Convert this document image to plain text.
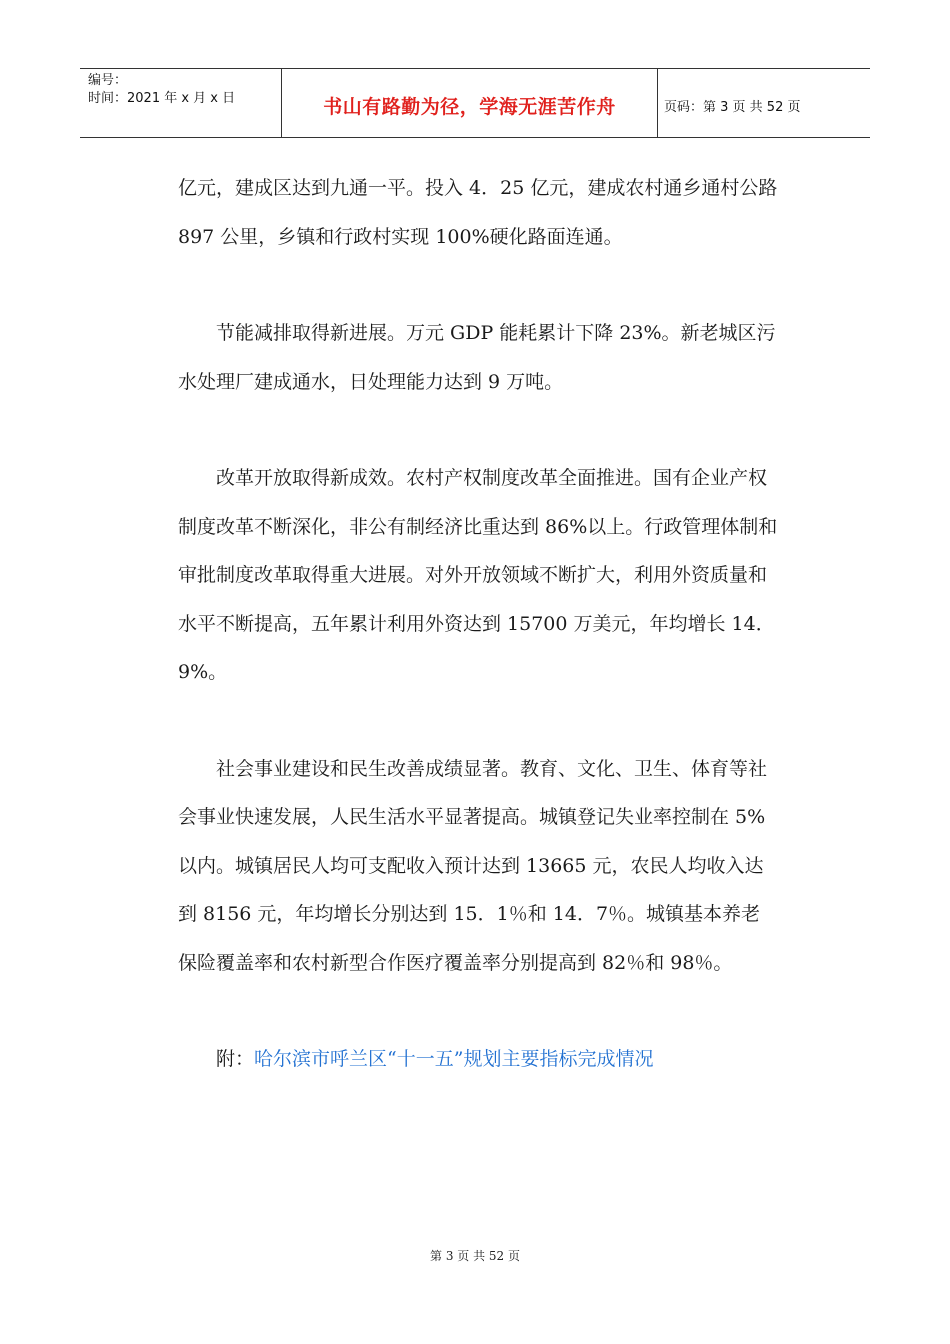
编号：
时间：2021 年 x 月 x 日	书山有路勤为径，学海无涯苦作舟	页码：第 3 页 共 52 页

亿元，建成区达到九通一平。投入 4．25 亿元，建成农村通乡通村公路 897 公里，乡镇和行政村实现 100%硬化路面连通。

节能减排取得新进展。万元 GDP 能耗累计下降 23%。新老城区污水处理厂建成通水，日处理能力达到 9 万吨。

改革开放取得新成效。农村产权制度改革全面推进。国有企业产权制度改革不断深化，非公有制经济比重达到 86%以上。行政管理体制和审批制度改革取得重大进展。对外开放领域不断扩大，利用外资质量和水平不断提高，五年累计利用外资达到 15700 万美元，年均增长 14．9%。

社会事业建设和民生改善成绩显著。教育、文化、卫生、体育等社会事业快速发展，人民生活水平显著提高。城镇登记失业率控制在 5%以内。城镇居民人均可支配收入预计达到 13665 元，农民人均收入达到 8156 元，年均增长分别达到 15．1％和 14．7％。城镇基本养老保险覆盖率和农村新型合作医疗覆盖率分别提高到 82％和 98％。

附：哈尔滨市呼兰区“十一五”规划主要指标完成情况

第 3 页 共 52 页
